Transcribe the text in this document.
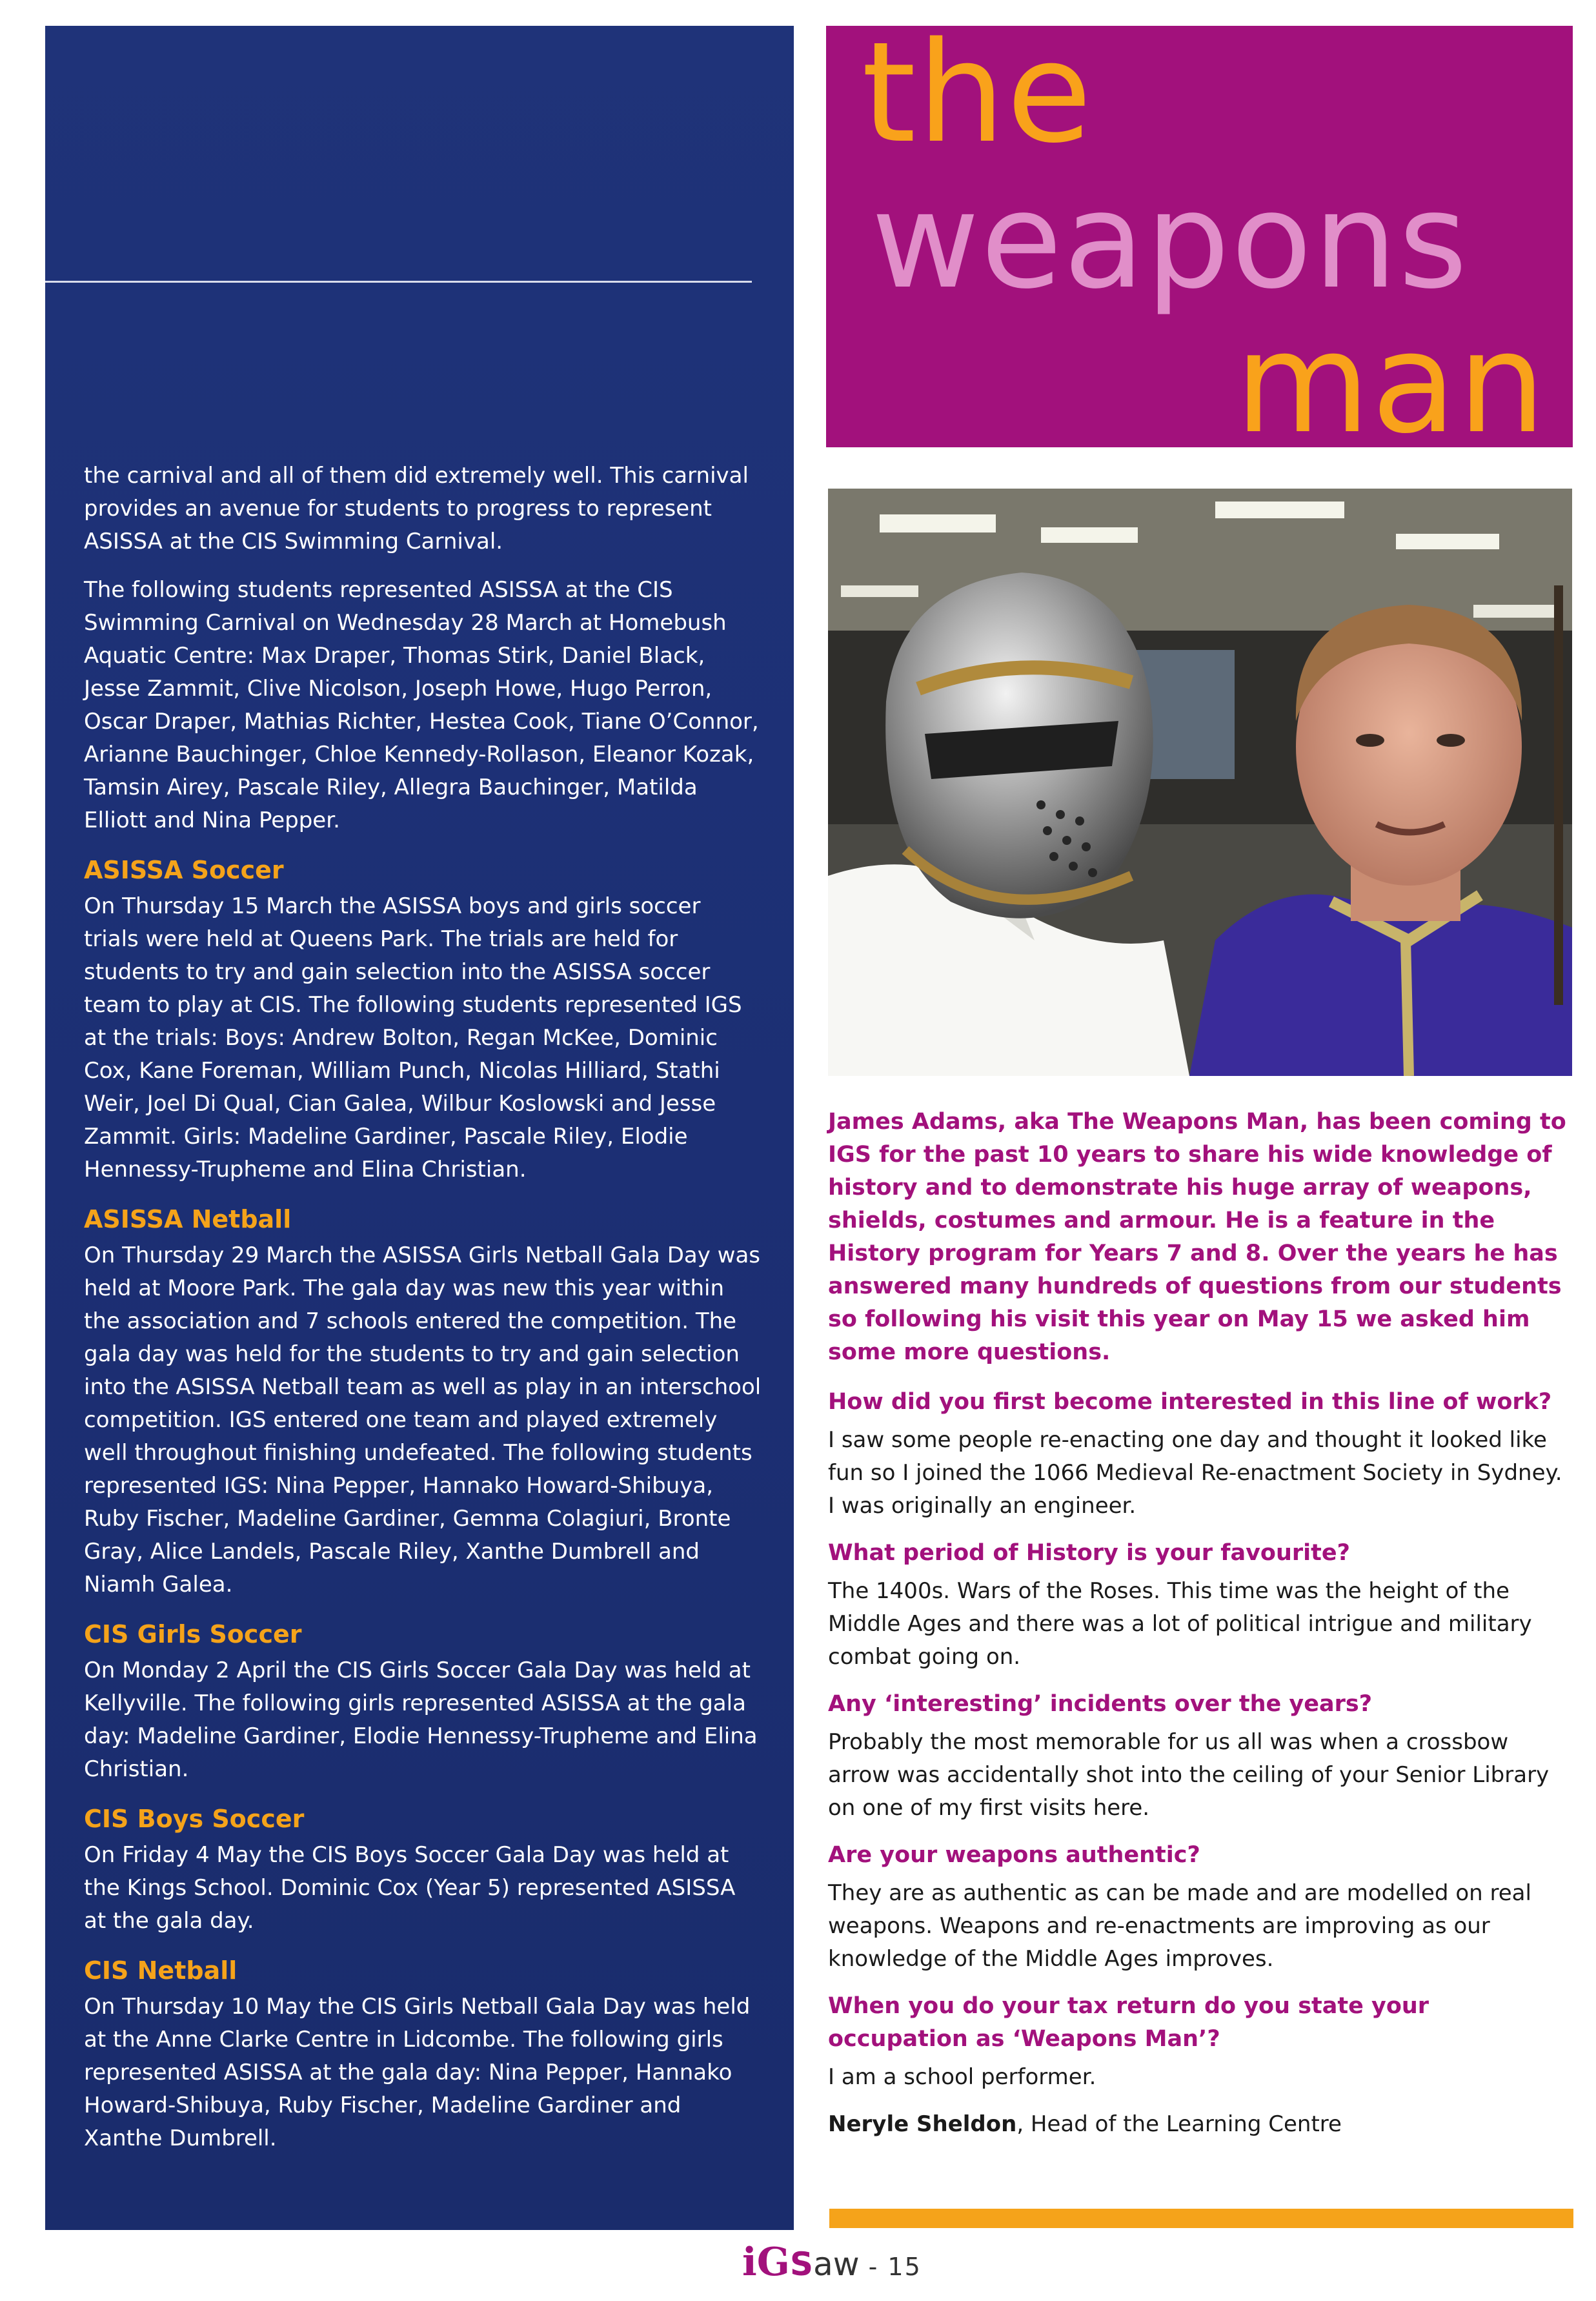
the carnival and all of them did extremely well. This carnival provides an avenue for students to progress to represent ASISSA at the CIS Swimming Carnival.

The following students represented ASISSA at the CIS Swimming Carnival on Wednesday 28 March at Homebush Aquatic Centre: Max Draper, Thomas Stirk, Daniel Black, Jesse Zammit, Clive Nicolson, Joseph Howe, Hugo Perron, Oscar Draper, Mathias Richter, Hestea Cook, Tiane O’Connor, Arianne Bauchinger, Chloe Kennedy-Rollason, Eleanor Kozak, Tamsin Airey, Pascale Riley, Allegra Bauchinger, Matilda Elliott and Nina Pepper.

ASISSA Soccer

On Thursday 15 March the ASISSA boys and girls soccer trials were held at Queens Park. The trials are held for students to try and gain selection into the ASISSA soccer team to play at CIS. The following students represented IGS at the trials: Boys: Andrew Bolton, Regan McKee, Dominic Cox, Kane Foreman, William Punch, Nicolas Hilliard, Stathi Weir, Joel Di Qual, Cian Galea, Wilbur Koslowski and Jesse Zammit. Girls: Madeline Gardiner, Pascale Riley, Elodie Hennessy-Trupheme and Elina Christian.

ASISSA Netball

On Thursday 29 March the ASISSA Girls Netball Gala Day was held at Moore Park. The gala day was new this year within the association and 7 schools entered the competition. The gala day was held for the students to try and gain selection into the ASISSA Netball team as well as play in an interschool competition. IGS entered one team and played extremely well throughout finishing undefeated. The following students represented IGS: Nina Pepper, Hannako Howard-Shibuya, Ruby Fischer, Madeline Gardiner, Gemma Colagiuri, Bronte Gray, Alice Landels, Pascale Riley, Xanthe Dumbrell and Niamh Galea.

CIS Girls Soccer

On Monday 2 April the CIS Girls Soccer Gala Day was held at Kellyville. The following girls represented ASISSA at the gala day: Madeline Gardiner, Elodie Hennessy-Trupheme and Elina Christian.

CIS Boys Soccer

On Friday 4 May the CIS Boys Soccer Gala Day was held at the Kings School. Dominic Cox (Year 5) represented ASISSA at the gala day.

CIS Netball

On Thursday 10 May the CIS Girls Netball Gala Day was held at the Anne Clarke Centre in Lidcombe. The following girls represented ASISSA at the gala day: Nina Pepper, Hannako Howard-Shibuya, Ruby Fischer, Madeline Gardiner and Xanthe Dumbrell.

the
weapons
man

James Adams, aka The Weapons Man, has been coming to IGS for the past 10 years to share his wide knowledge of history and to demonstrate his huge array of weapons, shields, costumes and armour. He is a feature in the History program for Years 7 and 8. Over the years he has answered many hundreds of questions from our students so following his visit this year on May 15 we asked him some more questions.

How did you first become interested in this line of work?

I saw some people re-enacting one day and thought it looked like fun so I joined the 1066 Medieval Re-enactment Society in Sydney. I was originally an engineer.

What period of History is your favourite?

The 1400s. Wars of the Roses. This time was the height of the Middle Ages and there was a lot of political intrigue and military combat going on.

Any ‘interesting’ incidents over the years?

Probably the most memorable for us all was when a crossbow arrow was accidentally shot into the ceiling of your Senior Library on one of my first visits here.

Are your weapons authentic?

They are as authentic as can be made and are modelled on real weapons. Weapons and re-enactments are improving as our knowledge of the Middle Ages improves.

When you do your tax return do you state your occupation as ‘Weapons Man’?

I am a school performer.

Neryle Sheldon, Head of the Learning Centre

iGSaw - 15
